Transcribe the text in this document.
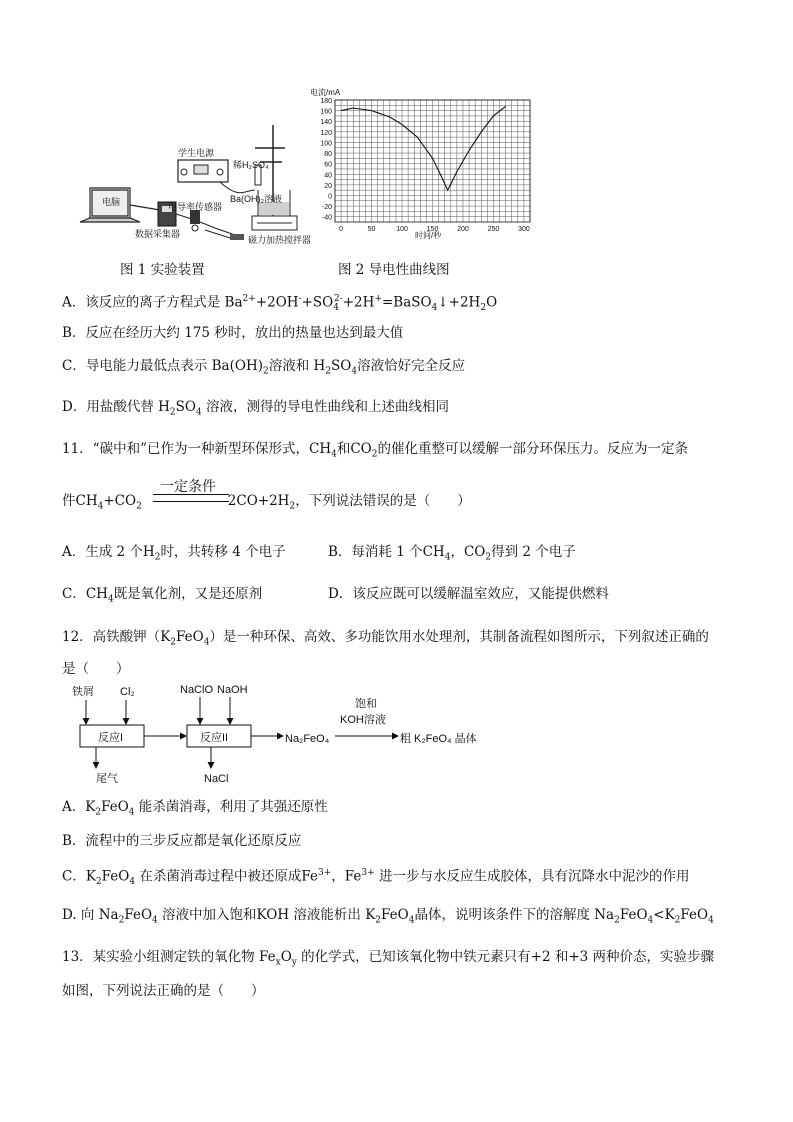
学生电源
稀H₂SO₄
Ba(OH)₂溶液
电脑	电导率传感器
数据采集器
磁力加热搅拌器
图 1 实验装置
电流/mA
时间/秒
180
160
140
120
100
80
60
40
20
0
-20
-40
0	50	100	150	200	250	300
图 2 导电性曲线图
A．该反应的离子方程式是 $Ba^{2+}+2OH^-+SO_4^{2-}+2H^+=BaSO_4↓+2H_2O$
B．反应在经历大约 175 秒时，放出的热量也达到最大值
C．导电能力最低点表示 $Ba(OH)_2$溶液和 $H_2SO_4$溶液恰好完全反应
D．用盐酸代替 $H_2SO_4$ 溶液，测得的导电性曲线和上述曲线相同
11．“碳中和”已作为一种新型环保形式，$CH_4$和$CO_2$的催化重整可以缓解一部分环保压力。反应为一定条
一定条件
件$CH_4+CO_2$	$2CO+2H_2$，下列说法错误的是（　　）
A．生成 2 个$H_2$时，共转移 4 个电子	B．每消耗 1 个$CH_4$，$CO_2$得到 2 个电子
C．$CH_4$既是氧化剂，又是还原剂	D．该反应既可以缓解温室效应，又能提供燃料
12．高铁酸钾$(K_2FeO_4)$是一种环保、高效、多功能饮用水处理剂，其制备流程如图所示，下列叙述正确的
是（　　）
铁屑 Cl₂	NaClO NaOH
反应I	反应II
尾气	NaCl
Na₂FeO₄
饱和
KOH溶液
粗 K₂FeO₄ 晶体
A．$K_2FeO_4$ 能杀菌消毒，利用了其强还原性
B．流程中的三步反应都是氧化还原反应
C．$K_2FeO_4$ 在杀菌消毒过程中被还原成$Fe^{3+}$，$Fe^{3+}$ 进一步与水反应生成胶体，具有沉降水中泥沙的作用
D. 向 $Na_2FeO_4$ 溶液中加入饱和KOH 溶液能析出 $K_2FeO_4$晶体，说明该条件下的溶解度 $Na_2FeO_4<K_2FeO_4$
13．某实验小组测定铁的氧化物 $Fe_xO_y$ 的化学式，已知该氧化物中铁元素只有+2 和+3 两种价态，实验步骤
如图，下列说法正确的是（　　）
